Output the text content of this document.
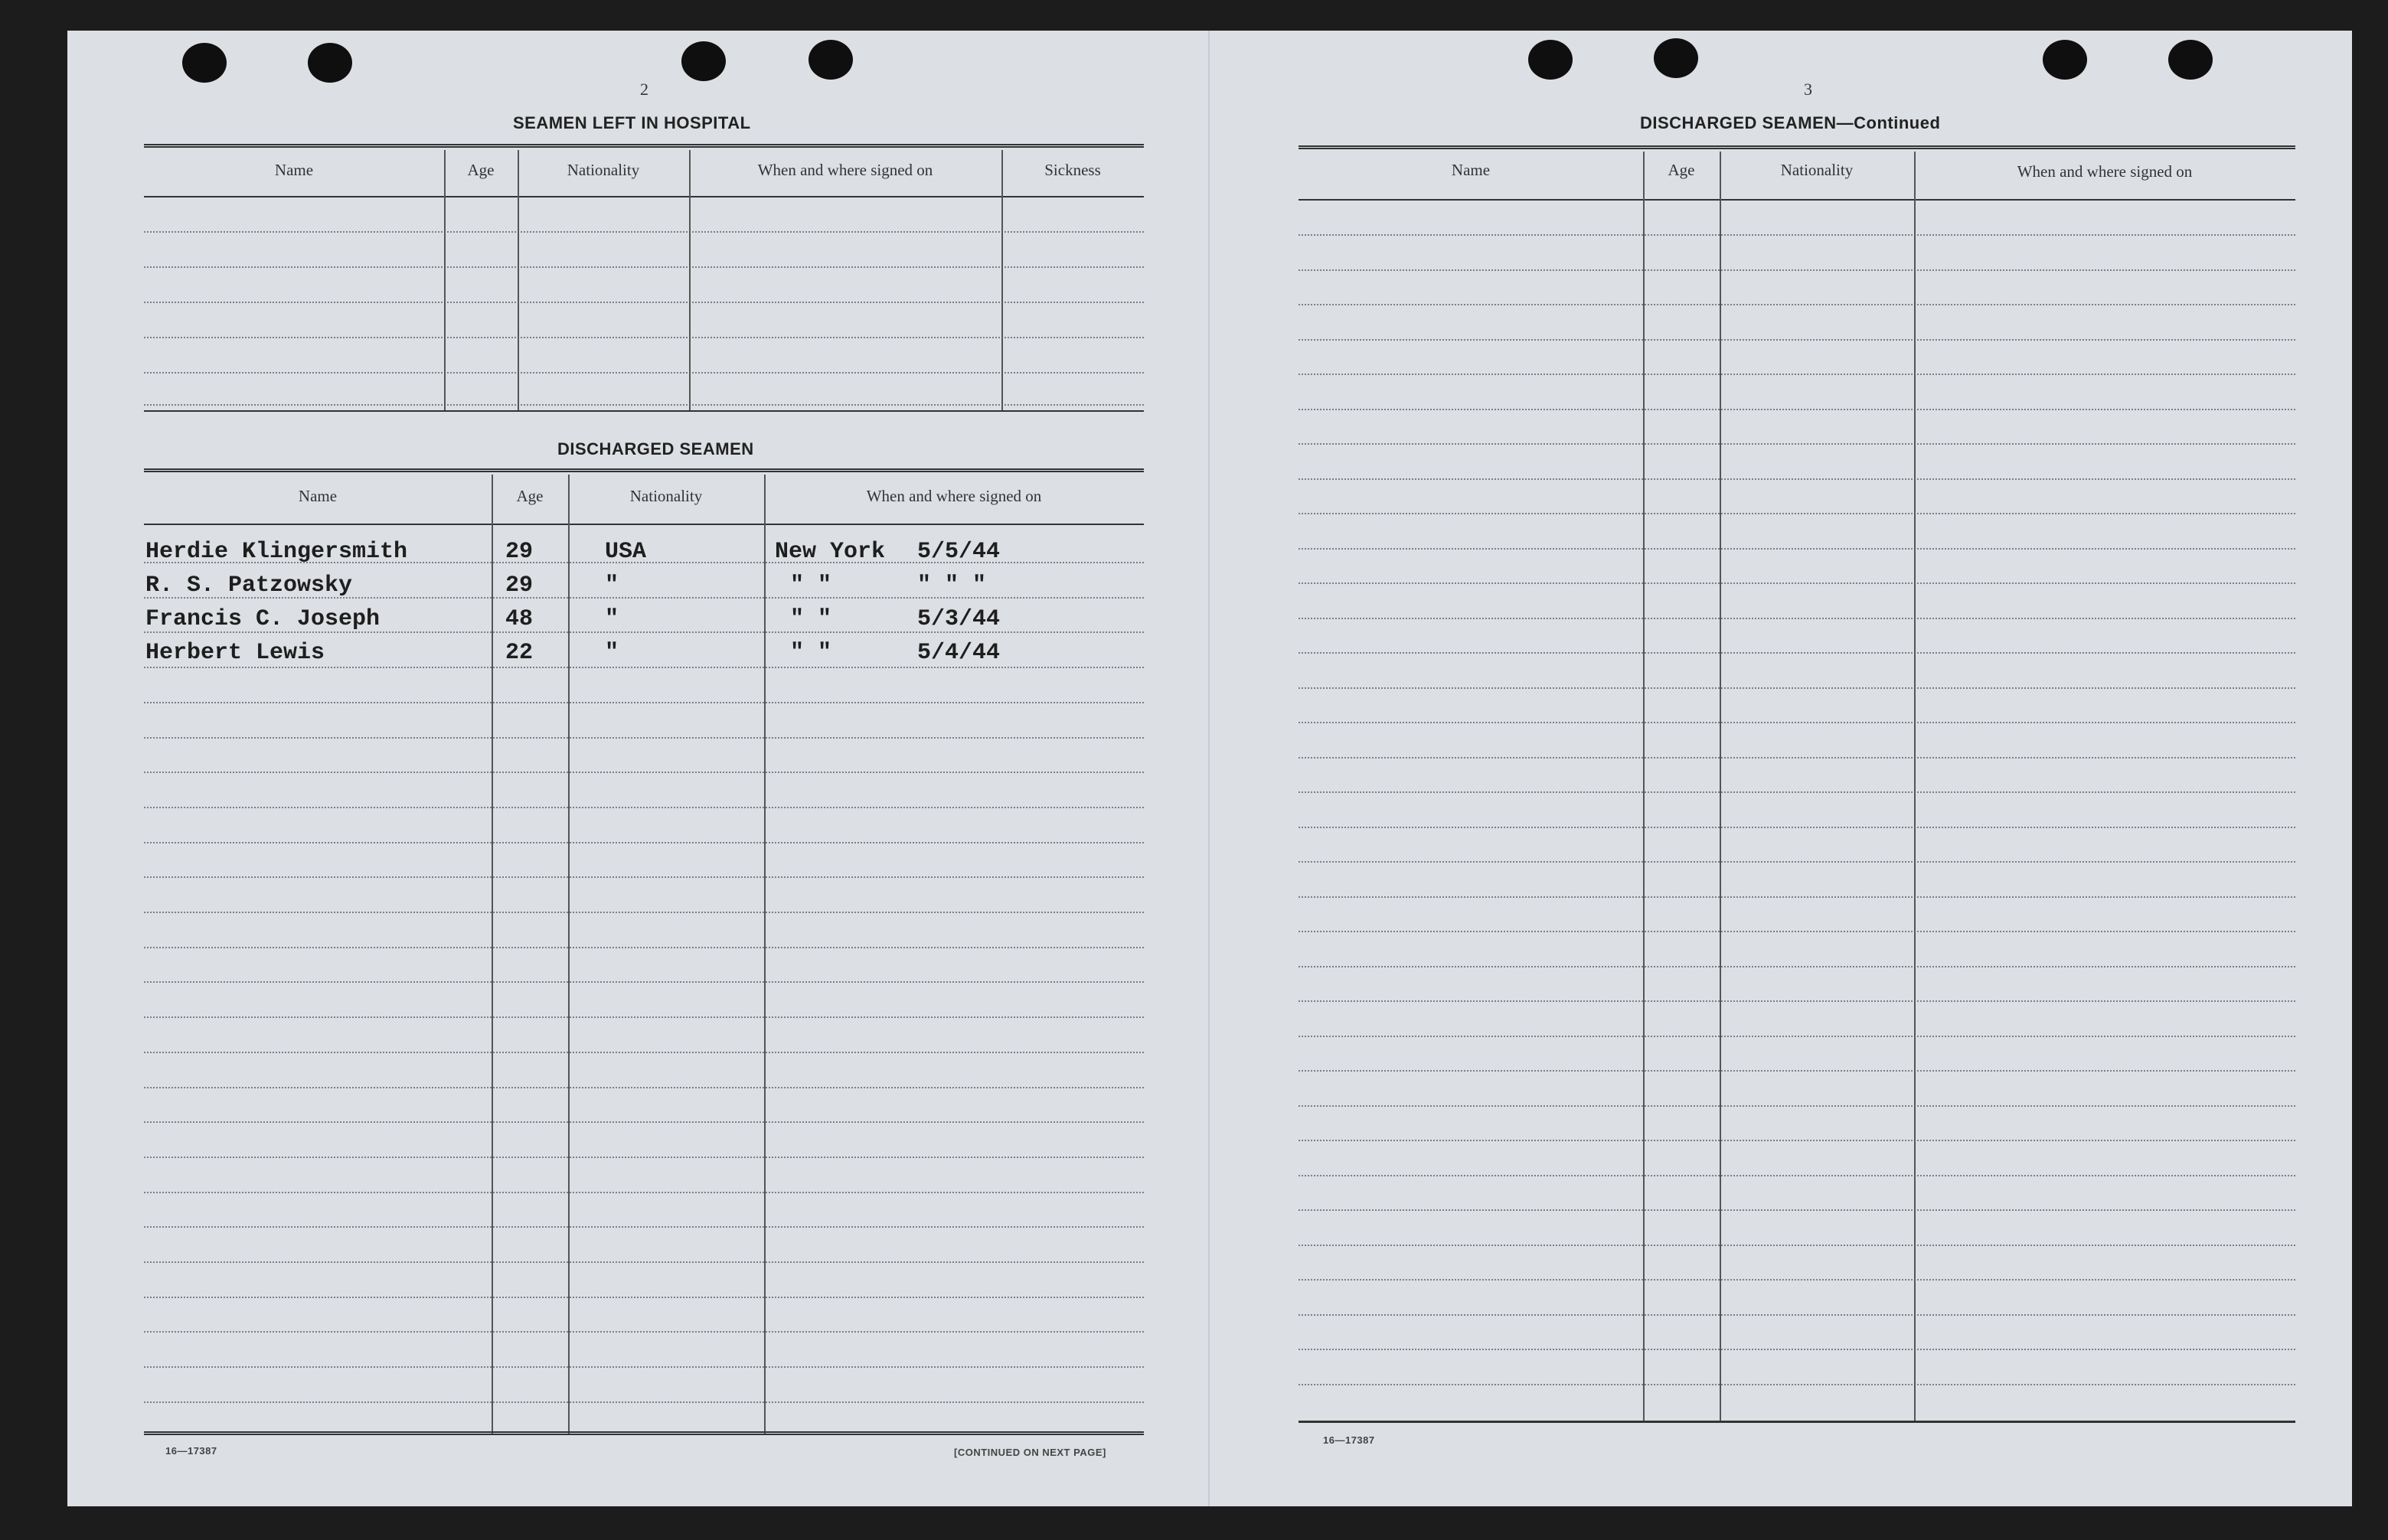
2
SEAMEN LEFT IN HOSPITAL
Name	Age	Nationality	When and where signed on	Sickness
DISCHARGED SEAMEN
Name	Age	Nationality	When and where signed on
Herdie Klingersmith	29	USA	New York 5/5/44
R. S. Patzowsky	29	"	" "	" " "
Francis C. Joseph	48	"	" "	5/3/44
Herbert Lewis	22	"	" "	5/4/44
16—17387	[CONTINUED ON NEXT PAGE]
3
DISCHARGED SEAMEN—Continued
Name	Age	Nationality	When and where signed on
16—17387
